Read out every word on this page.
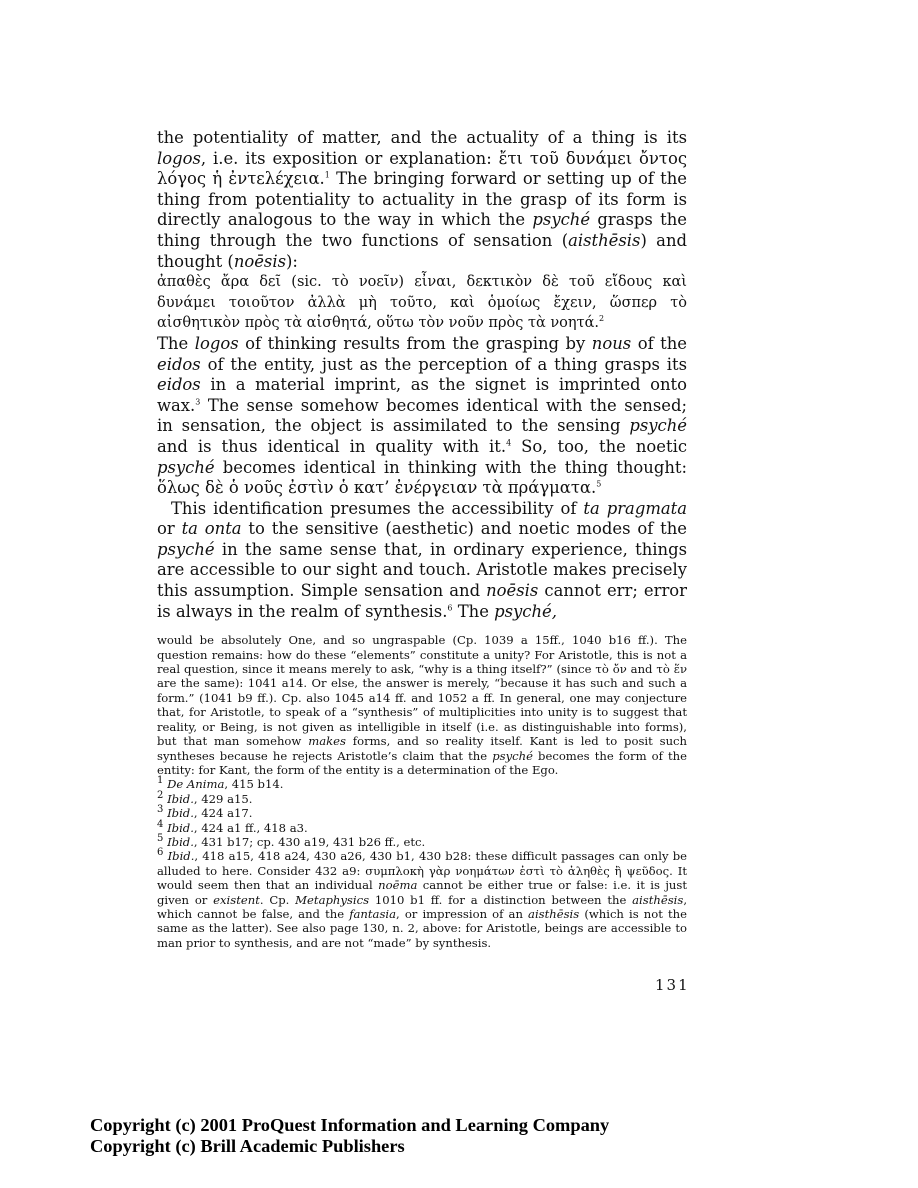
the potentiality of matter, and the actuality of a thing is its logos, i.e. its exposition or explanation: ἔτι τοῦ δυνάμει ὄντος λόγος ἡ ἐντελέχεια.$^1$ The bringing forward or setting up of the thing from potentiality to actuality in the grasp of its form is directly analogous to the way in which the psyché grasps the thing through the two functions of sensation (aisthēsis) and thought (noēsis):

ἀπαθὲς ἄρα δεῖ (sic. τὸ νοεῖν) εἶναι, δεκτικὸν δὲ τοῦ εἴδους καὶ δυνάμει τοιοῦτον ἀλλὰ μὴ τοῦτο, καὶ ὁμοίως ἔχειν, ὥσπερ τὸ αἰσθητικὸν πρὸς τὰ αἰσθητά, οὕτω τὸν νοῦν πρὸς τὰ νοητά.$^2$

The logos of thinking results from the grasping by nous of the eidos of the entity, just as the perception of a thing grasps its eidos in a material imprint, as the signet is imprinted onto wax.$^3$ The sense somehow becomes identical with the sensed; in sensation, the object is assimilated to the sensing psyché and is thus identical in quality with it.$^4$ So, too, the noetic psyché becomes identical in thinking with the thing thought: ὅλως δὲ ὁ νοῦς ἐστὶν ὁ κατ’ ἐνέργειαν τὰ πράγματα.$^5$

This identification presumes the accessibility of ta pragmata or ta onta to the sensitive (aesthetic) and noetic modes of the psyché in the same sense that, in ordinary experience, things are accessible to our sight and touch. Aristotle makes precisely this assumption. Simple sensation and noēsis cannot err; error is always in the realm of synthesis.$^6$ The psyché,

would be absolutely One, and so ungraspable (Cp. 1039 a 15ff., 1040 b16 ff.). The question remains: how do these “elements” constitute a unity? For Aristotle, this is not a real question, since it means merely to ask, “why is a thing itself?” (since τὸ ὄν and τὸ ἕν are the same): 1041 a14. Or else, the answer is merely, “because it has such and such a form.” (1041 b9 ff.). Cp. also 1045 a14 ff. and 1052 a ff. In general, one may conjecture that, for Aristotle, to speak of a “synthesis” of multiplicities into unity is to suggest that reality, or Being, is not given as intelligible in itself (i.e. as distinguishable into forms), but that man somehow makes forms, and so reality itself. Kant is led to posit such syntheses because he rejects Aristotle’s claim that the psyché becomes the form of the entity: for Kant, the form of the entity is a determination of the Ego.

1 De Anima, 415 b14.

2 Ibid., 429 a15.

3 Ibid., 424 a17.

4 Ibid., 424 a1 ff., 418 a3.

5 Ibid., 431 b17; cp. 430 a19, 431 b26 ff., etc.

6 Ibid., 418 a15, 418 a24, 430 a26, 430 b1, 430 b28: these difficult passages can only be alluded to here. Consider 432 a9: συμπλοκὴ γὰρ νοημάτων ἐστὶ τὸ ἀληθὲς ἢ ψεῦδος. It would seem then that an individual noēma cannot be either true or false: i.e. it is just given or existent. Cp. Metaphysics 1010 b1 ff. for a distinction between the aisthēsis, which cannot be false, and the fantasia, or impression of an aisthēsis (which is not the same as the latter). See also page 130, n. 2, above: for Aristotle, beings are accessible to man prior to synthesis, and are not “made” by synthesis.

131
Copyright (c) 2001 ProQuest Information and Learning Company
Copyright (c) Brill Academic Publishers
